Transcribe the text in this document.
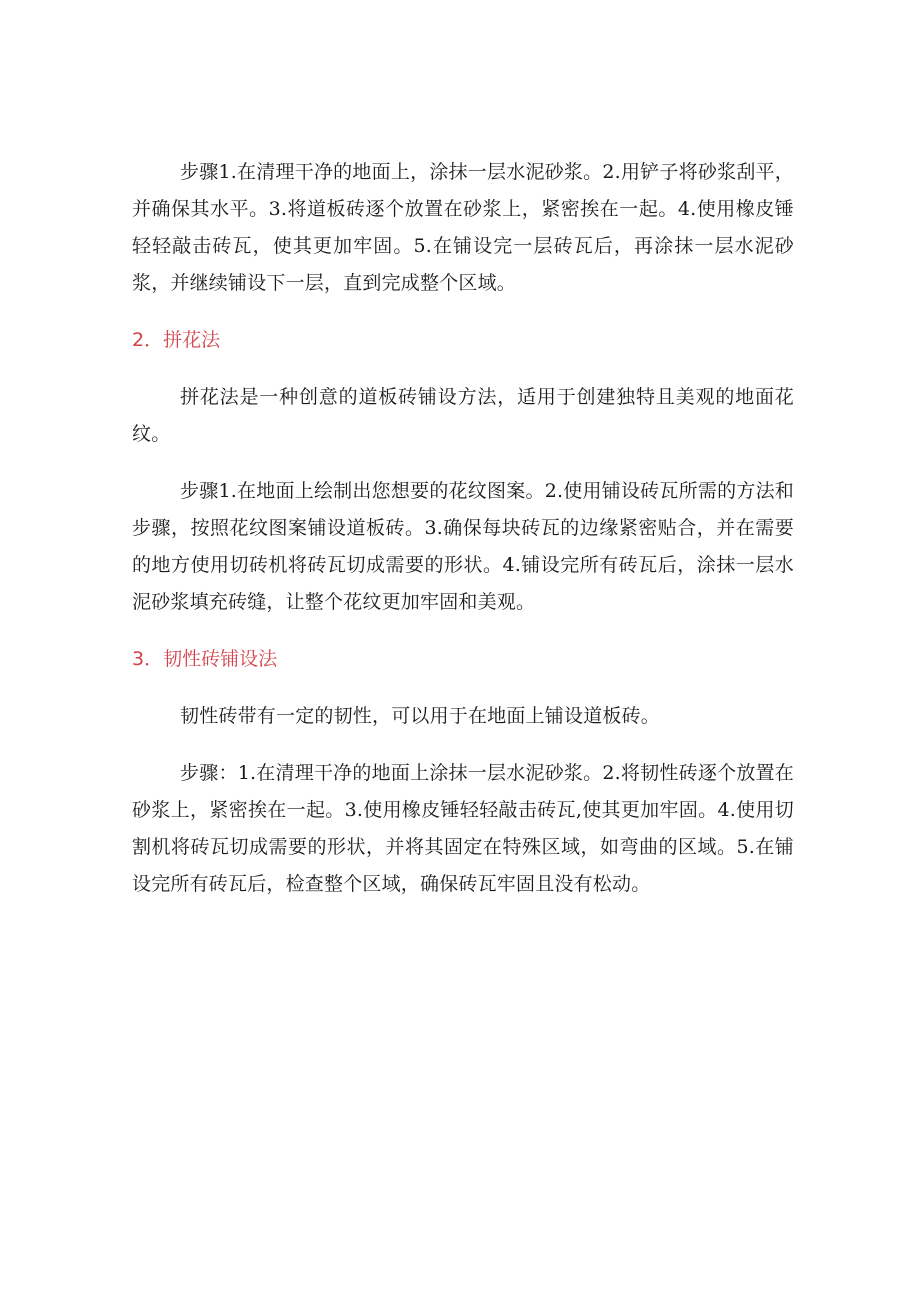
步骤1.在清理干净的地面上，涂抹一层水泥砂浆。2.用铲子将砂浆刮平，并确保其水平。3.将道板砖逐个放置在砂浆上，紧密挨在一起。4.使用橡皮锤轻轻敲击砖瓦，使其更加牢固。5.在铺设完一层砖瓦后，再涂抹一层水泥砂浆，并继续铺设下一层，直到完成整个区域。

2．拼花法

拼花法是一种创意的道板砖铺设方法，适用于创建独特且美观的地面花纹。

步骤1.在地面上绘制出您想要的花纹图案。2.使用铺设砖瓦所需的方法和步骤，按照花纹图案铺设道板砖。3.确保每块砖瓦的边缘紧密贴合，并在需要的地方使用切砖机将砖瓦切成需要的形状。4.铺设完所有砖瓦后，涂抹一层水泥砂浆填充砖缝，让整个花纹更加牢固和美观。

3．韧性砖铺设法

韧性砖带有一定的韧性，可以用于在地面上铺设道板砖。

步骤：1.在清理干净的地面上涂抹一层水泥砂浆。2.将韧性砖逐个放置在砂浆上，紧密挨在一起。3.使用橡皮锤轻轻敲击砖瓦,使其更加牢固。4.使用切割机将砖瓦切成需要的形状，并将其固定在特殊区域，如弯曲的区域。5.在铺设完所有砖瓦后，检查整个区域，确保砖瓦牢固且没有松动。
